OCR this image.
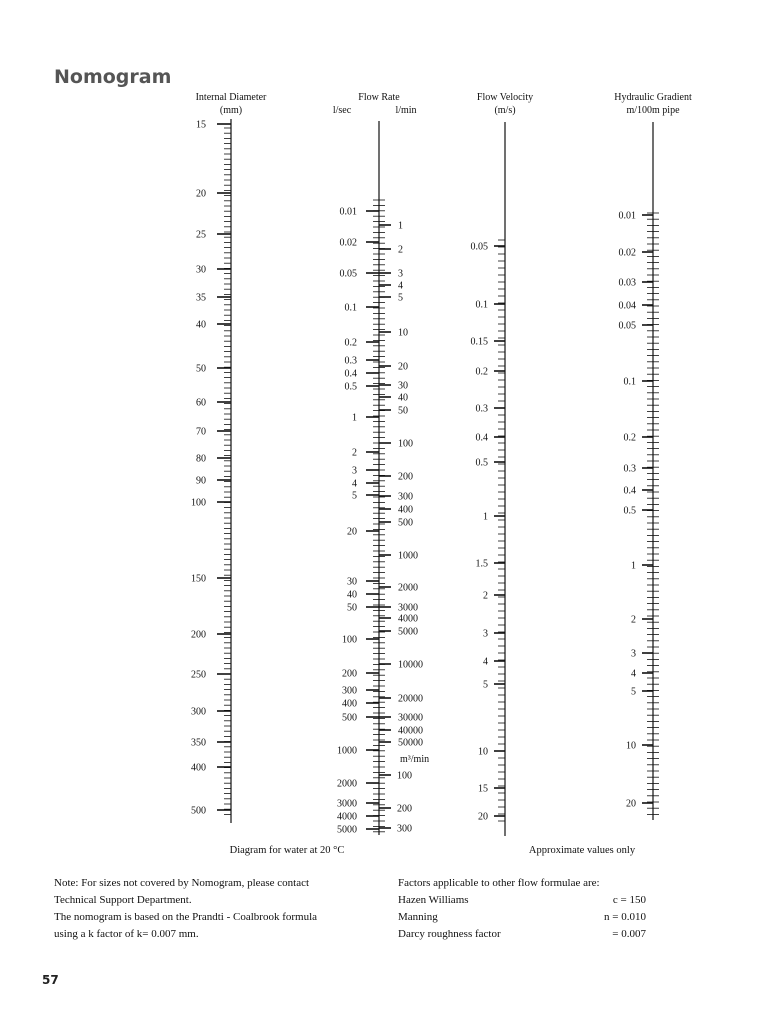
Nomogram
Internal Diameter
(mm)
Flow Rate
l/sec	l/min
Flow Velocity
(m/s)
Hydraulic Gradient
m/100m pipe
15
20
25
30
35
40
50
60
70
80
90
100
150
200
250
300
350
400
500
0.01
0.02
0.05
0.1
0.2
0.3
0.4
0.5
1
2
3
4
5
20
30
40
50
100
200
300
400
500
1000
2000
3000
4000
5000
1
2
3
4
5
10
20
30
40
50
100
200
300
400
500
1000
2000
3000
4000
5000
10000
20000
30000
40000
50000
100
200
300
0.05
0.1
0.15
0.2
0.3
0.4
0.5
1
1.5
2
3
4
5
10
15
20
0.01
0.02
0.03
0.04
0.05
0.1
0.2
0.3
0.4
0.5
1
2
3
4
5
10
20
m³/min
Diagram for water at 20 °C	Approximate values only
Note: For sizes not covered by Nomogram, please contact
Technical Support Department.
The nomogram is based on the Prandti - Coalbrook formula
using a k factor of k= 0.007 mm.
Factors applicable to other flow formulae are:
Hazen Williams	c = 150
Manning	n = 0.010
Darcy roughness factor	= 0.007
57
